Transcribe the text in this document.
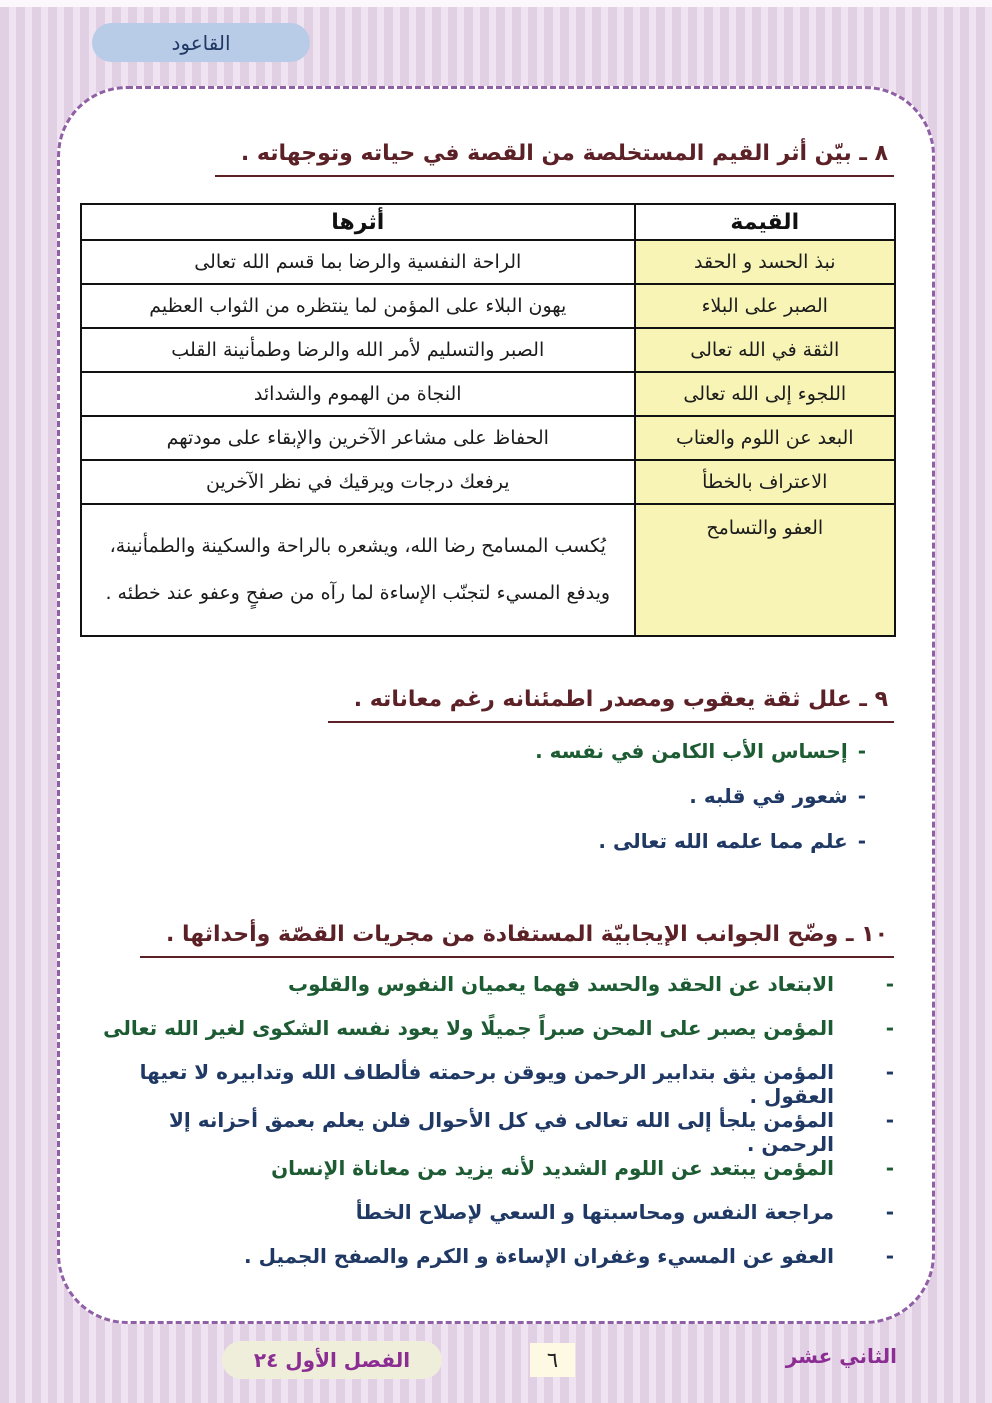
القاعود
٨ ـ بيّن أثر القيم المستخلصة من القصة في حياته وتوجهاته .
القيمة	أثرها
نبذ الحسد و الحقد	الراحة النفسية والرضا بما قسم الله تعالى
الصبر على البلاء	يهون البلاء على المؤمن لما ينتظره من الثواب العظيم
الثقة في الله تعالى	الصبر والتسليم لأمر الله والرضا وطمأنينة القلب
اللجوء إلى الله تعالى	النجاة من الهموم والشدائد
البعد عن اللوم والعتاب	الحفاظ على مشاعر الآخرين والإبقاء على مودتهم
الاعتراف بالخطأ	يرفعك درجات ويرقيك في نظر الآخرين
العفو والتسامح	يُكسب المسامح رضا الله، ويشعره بالراحة والسكينة والطمأنينة، ويدفع المسيء لتجنّب الإساءة لما رآه من صفحٍ وعفو عند خطئه .
٩ ـ علل ثقة يعقوب ومصدر اطمئنانه رغم معاناته .
-
إحساس الأب الكامن في نفسه .
-
شعور في قلبه .
-
علم مما علمه الله تعالى .
١٠ ـ وضّح الجوانب الإيجابيّة المستفادة من مجريات القصّة وأحداثها .
-
الابتعاد عن الحقد والحسد فهما يعميان النفوس والقلوب
-
المؤمن يصبر على المحن صبراً جميلًا ولا يعود نفسه الشكوى لغير الله تعالى
-
المؤمن يثق بتدابير الرحمن ويوقن برحمته فألطاف الله وتدابيره لا تعيها العقول .
-
المؤمن يلجأ إلى الله تعالى في كل الأحوال فلن يعلم بعمق أحزانه إلا الرحمن .
-
المؤمن يبتعد عن اللوم الشديد لأنه يزيد من معاناة الإنسان
-
مراجعة النفس ومحاسبتها و السعي لإصلاح الخطأ
-
العفو عن المسيء وغفران الإساءة و الكرم والصفح الجميل .
الثاني عشر
٦
الفصل الأول ٢٤
